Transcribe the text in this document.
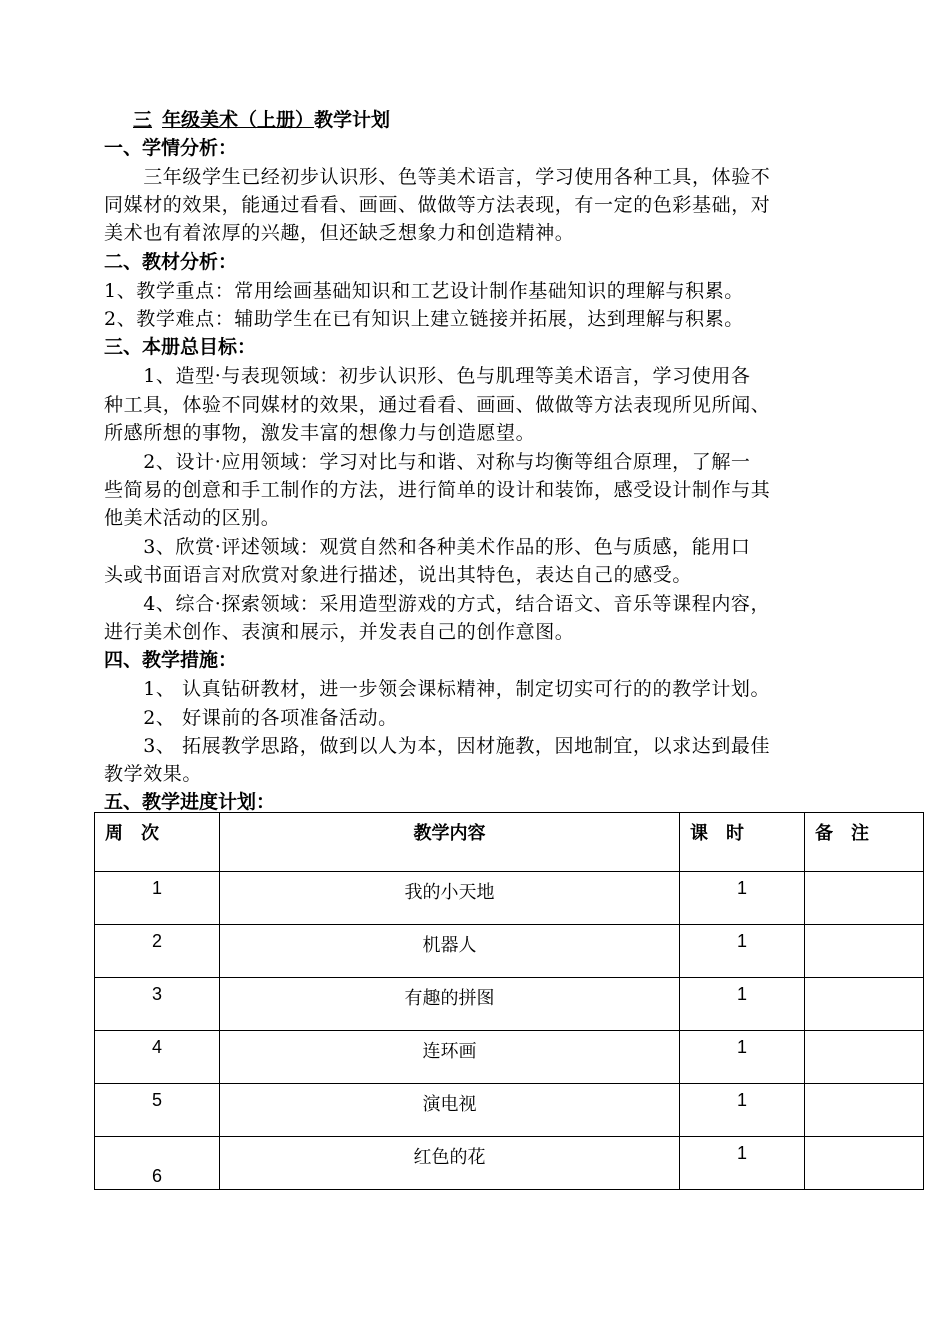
三 年级美术（上册）教学计划
一、学情分析：
　　三年级学生已经初步认识形、色等美术语言，学习使用各种工具，体验不
同媒材的效果，能通过看看、画画、做做等方法表现，有一定的色彩基础，对
美术也有着浓厚的兴趣，但还缺乏想象力和创造精神。
二、教材分析：
1、教学重点：常用绘画基础知识和工艺设计制作基础知识的理解与积累。
2、教学难点：辅助学生在已有知识上建立链接并拓展，达到理解与积累。
三、本册总目标：
　　1、造型·与表现领域：初步认识形、色与肌理等美术语言，学习使用各
种工具，体验不同媒材的效果，通过看看、画画、做做等方法表现所见所闻、
所感所想的事物，激发丰富的想像力与创造愿望。
　　2、设计·应用领域：学习对比与和谐、对称与均衡等组合原理，了解一
些简易的创意和手工制作的方法，进行简单的设计和装饰，感受设计制作与其
他美术活动的区别。
　　3、欣赏·评述领域：观赏自然和各种美术作品的形、色与质感，能用口
头或书面语言对欣赏对象进行描述，说出其特色，表达自己的感受。
　　4、综合·探索领域：采用造型游戏的方式，结合语文、音乐等课程内容，
进行美术创作、表演和展示，并发表自己的创作意图。
四、教学措施：
　　1、 认真钻研教材，进一步领会课标精神，制定切实可行的的教学计划。
　　2、 好课前的各项准备活动。
　　3、 拓展教学思路，做到以人为本，因材施教，因地制宜，以求达到最佳
教学效果。
五、教学进度计划：
周　次	教学内容	课　时	备　注

1	我的小天地	1	

2	机器人	1	

3	有趣的拼图	1	

4	连环画	1	

5	演电视	1	

6	红色的花	1	
